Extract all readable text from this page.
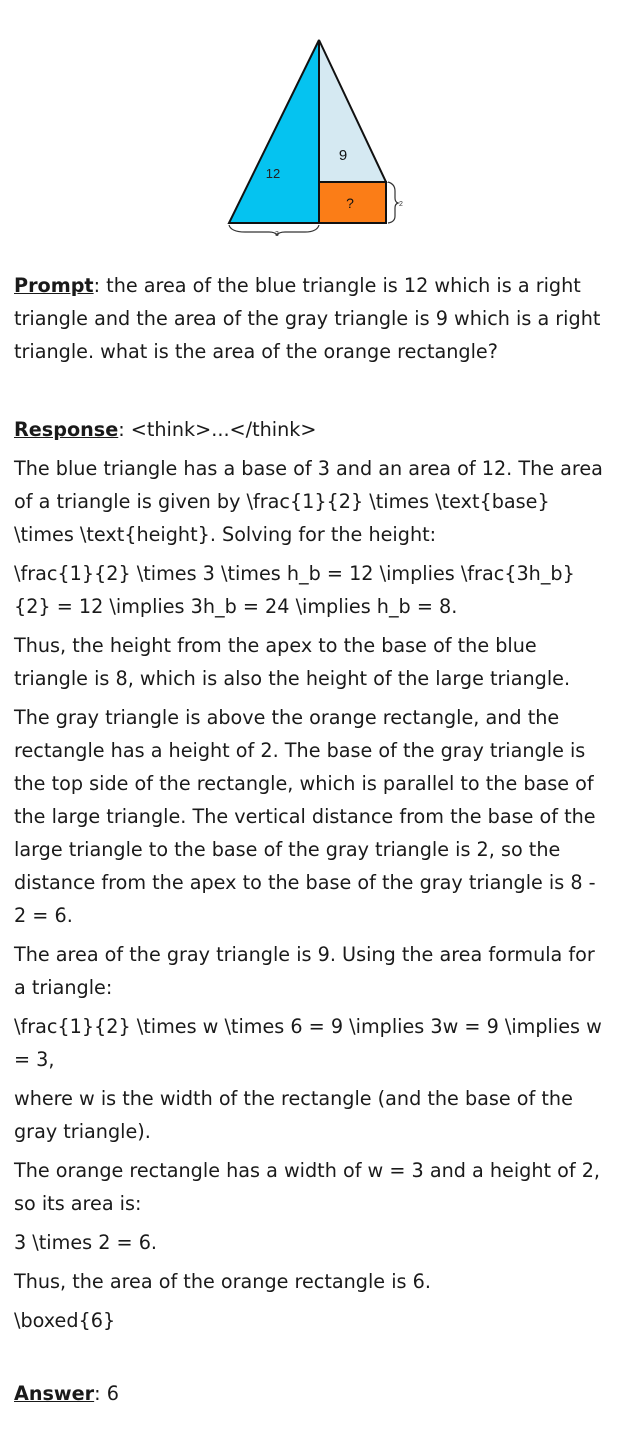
12
9
?
3
2
Prompt: the area of the blue triangle is 12 which is a right triangle and the area of the gray triangle is 9 which is a right triangle. what is the area of the orange rectangle?
Response: <think>...</think>
The blue triangle has a base of 3 and an area of 12. The area of a triangle is given by \frac{1}{2} \times \text{base} \times \text{height}. Solving for the height:
\frac{1}{2} \times 3 \times h_b = 12 \implies \frac{3h_b}{2} = 12 \implies 3h_b = 24 \implies h_b = 8.
Thus, the height from the apex to the base of the blue triangle is 8, which is also the height of the large triangle.
The gray triangle is above the orange rectangle, and the rectangle has a height of 2. The base of the gray triangle is the top side of the rectangle, which is parallel to the base of the large triangle. The vertical distance from the base of the large triangle to the base of the gray triangle is 2, so the distance from the apex to the base of the gray triangle is 8 - 2 = 6.
The area of the gray triangle is 9. Using the area formula for a triangle:
\frac{1}{2} \times w \times 6 = 9 \implies 3w = 9 \implies w = 3,
where w is the width of the rectangle (and the base of the gray triangle).
The orange rectangle has a width of w = 3 and a height of 2, so its area is:
3 \times 2 = 6.
Thus, the area of the orange rectangle is 6.
\boxed{6}
Answer: 6
